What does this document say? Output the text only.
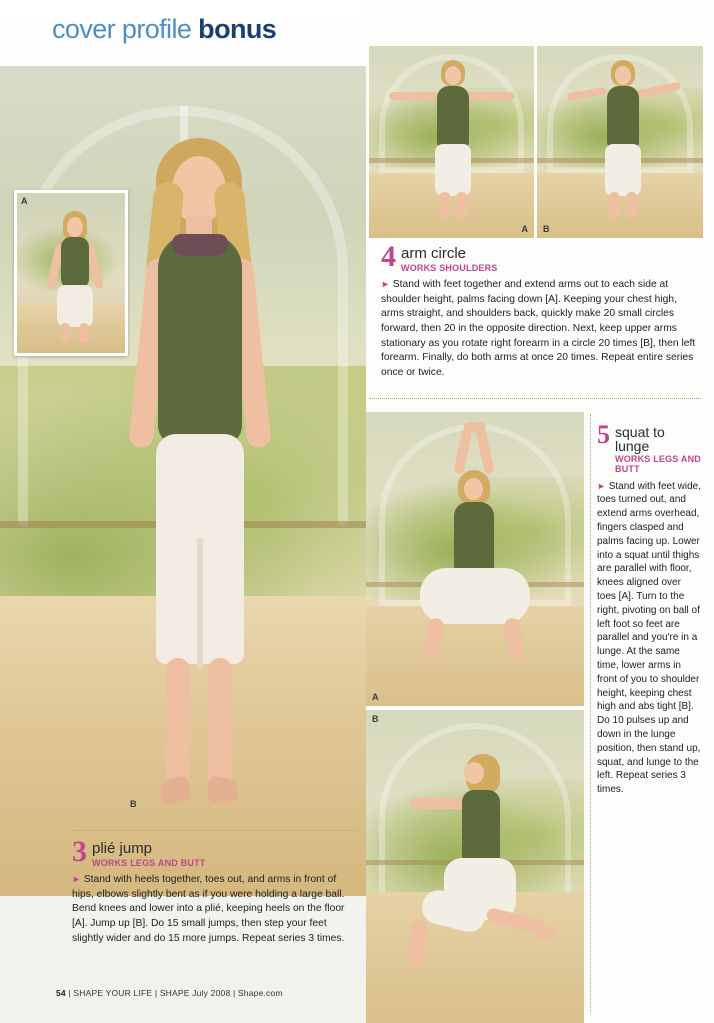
cover profile bonus
A
B
A B
4 arm circle
WORKS SHOULDERS
► Stand with feet together and extend arms out to each side at shoulder height, palms facing down [A]. Keeping your chest high, arms straight, and shoulders back, quickly make 20 small circles forward, then 20 in the opposite direction. Next, keep upper arms stationary as you rotate right forearm in a circle 20 times [B], then left forearm. Finally, do both arms at once 20 times. Repeat entire series once or twice.
A
B
5 squat to lunge
WORKS LEGS AND BUTT
► Stand with feet wide, toes turned out, and extend arms overhead, fingers clasped and palms facing up. Lower into a squat until thighs are parallel with floor, knees aligned over toes [A]. Turn to the right, pivoting on ball of left foot so feet are parallel and you're in a lunge. At the same time, lower arms in front of you to shoulder height, keeping chest high and abs tight [B]. Do 10 pulses up and down in the lunge position, then stand up, squat, and lunge to the left. Repeat series 3 times.
3 plié jump
WORKS LEGS AND BUTT
► Stand with heels together, toes out, and arms in front of hips, elbows slightly bent as if you were holding a large ball. Bend knees and lower into a plié, keeping heels on the floor [A]. Jump up [B]. Do 15 small jumps, then step your feet slightly wider and do 15 more jumps. Repeat series 3 times.
54 | SHAPE YOUR LIFE | SHAPE July 2008 | Shape.com
